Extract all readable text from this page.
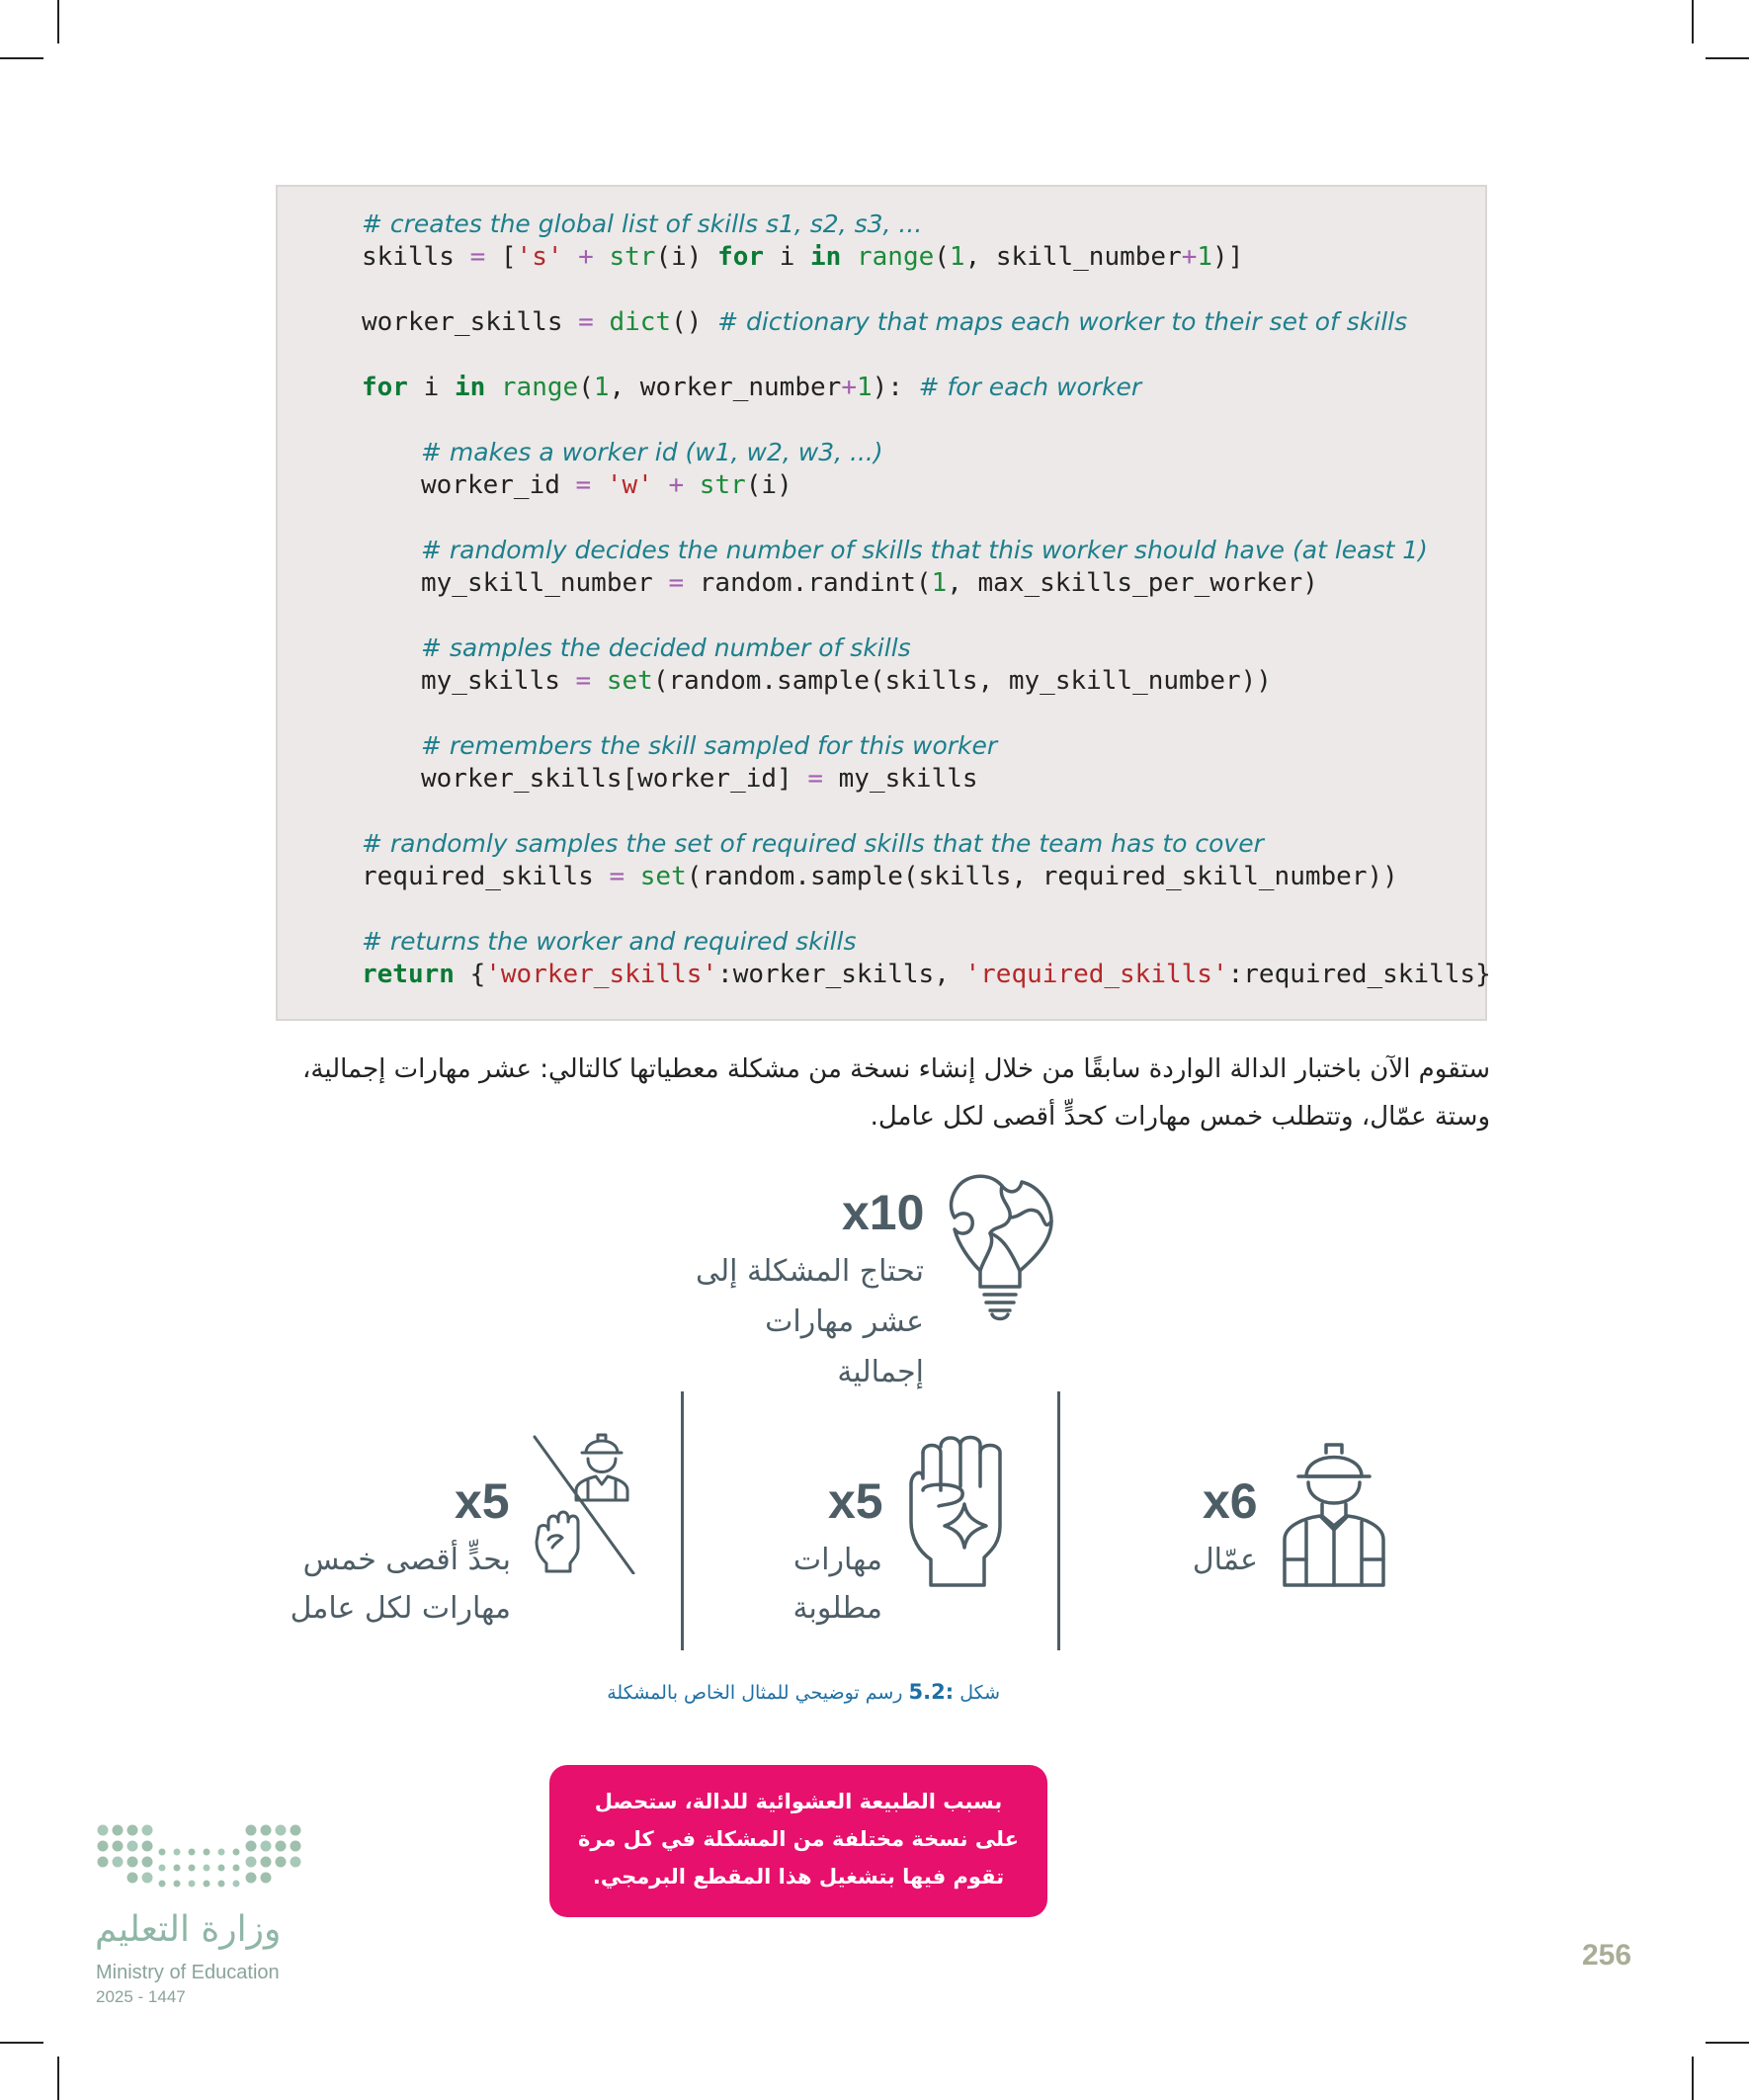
# creates the global list of skills s1, s2, s3, ...
skills = ['s' + str(i) for i in range(1, skill_number+1)]
worker_skills = dict() # dictionary that maps each worker to their set of skills
for i in range(1, worker_number+1): # for each worker
# makes a worker id (w1, w2, w3, ...)
worker_id = 'w' + str(i)
# randomly decides the number of skills that this worker should have (at least 1)
my_skill_number = random.randint(1, max_skills_per_worker)
# samples the decided number of skills
my_skills = set(random.sample(skills, my_skill_number))
# remembers the skill sampled for this worker
worker_skills[worker_id] = my_skills
# randomly samples the set of required skills that the team has to cover
required_skills = set(random.sample(skills, required_skill_number))
# returns the worker and required skills
return {'worker_skills':worker_skills, 'required_skills':required_skills}
ستقوم الآن باختبار الدالة الواردة سابقًا من خلال إنشاء نسخة من مشكلة معطياتها كالتالي: عشر مهارات إجمالية،
وستة عمّال، وتتطلب خمس مهارات كحدٍّ أقصى لكل عامل.
x10
تحتاج المشكلة إلى
عشر مهارات
إجمالية
x6
عمّال
x5
مهارات
مطلوبة
x5
بحدٍّ أقصى خمس
مهارات لكل عامل
شكل 5.2: رسم توضيحي للمثال الخاص بالمشكلة
بسبب الطبيعة العشوائية للدالة، ستحصل
على نسخة مختلفة من المشكلة في كل مرة
تقوم فيها بتشغيل هذا المقطع البرمجي.
وزارة التعليم
Ministry of Education
2025 - 1447
256
